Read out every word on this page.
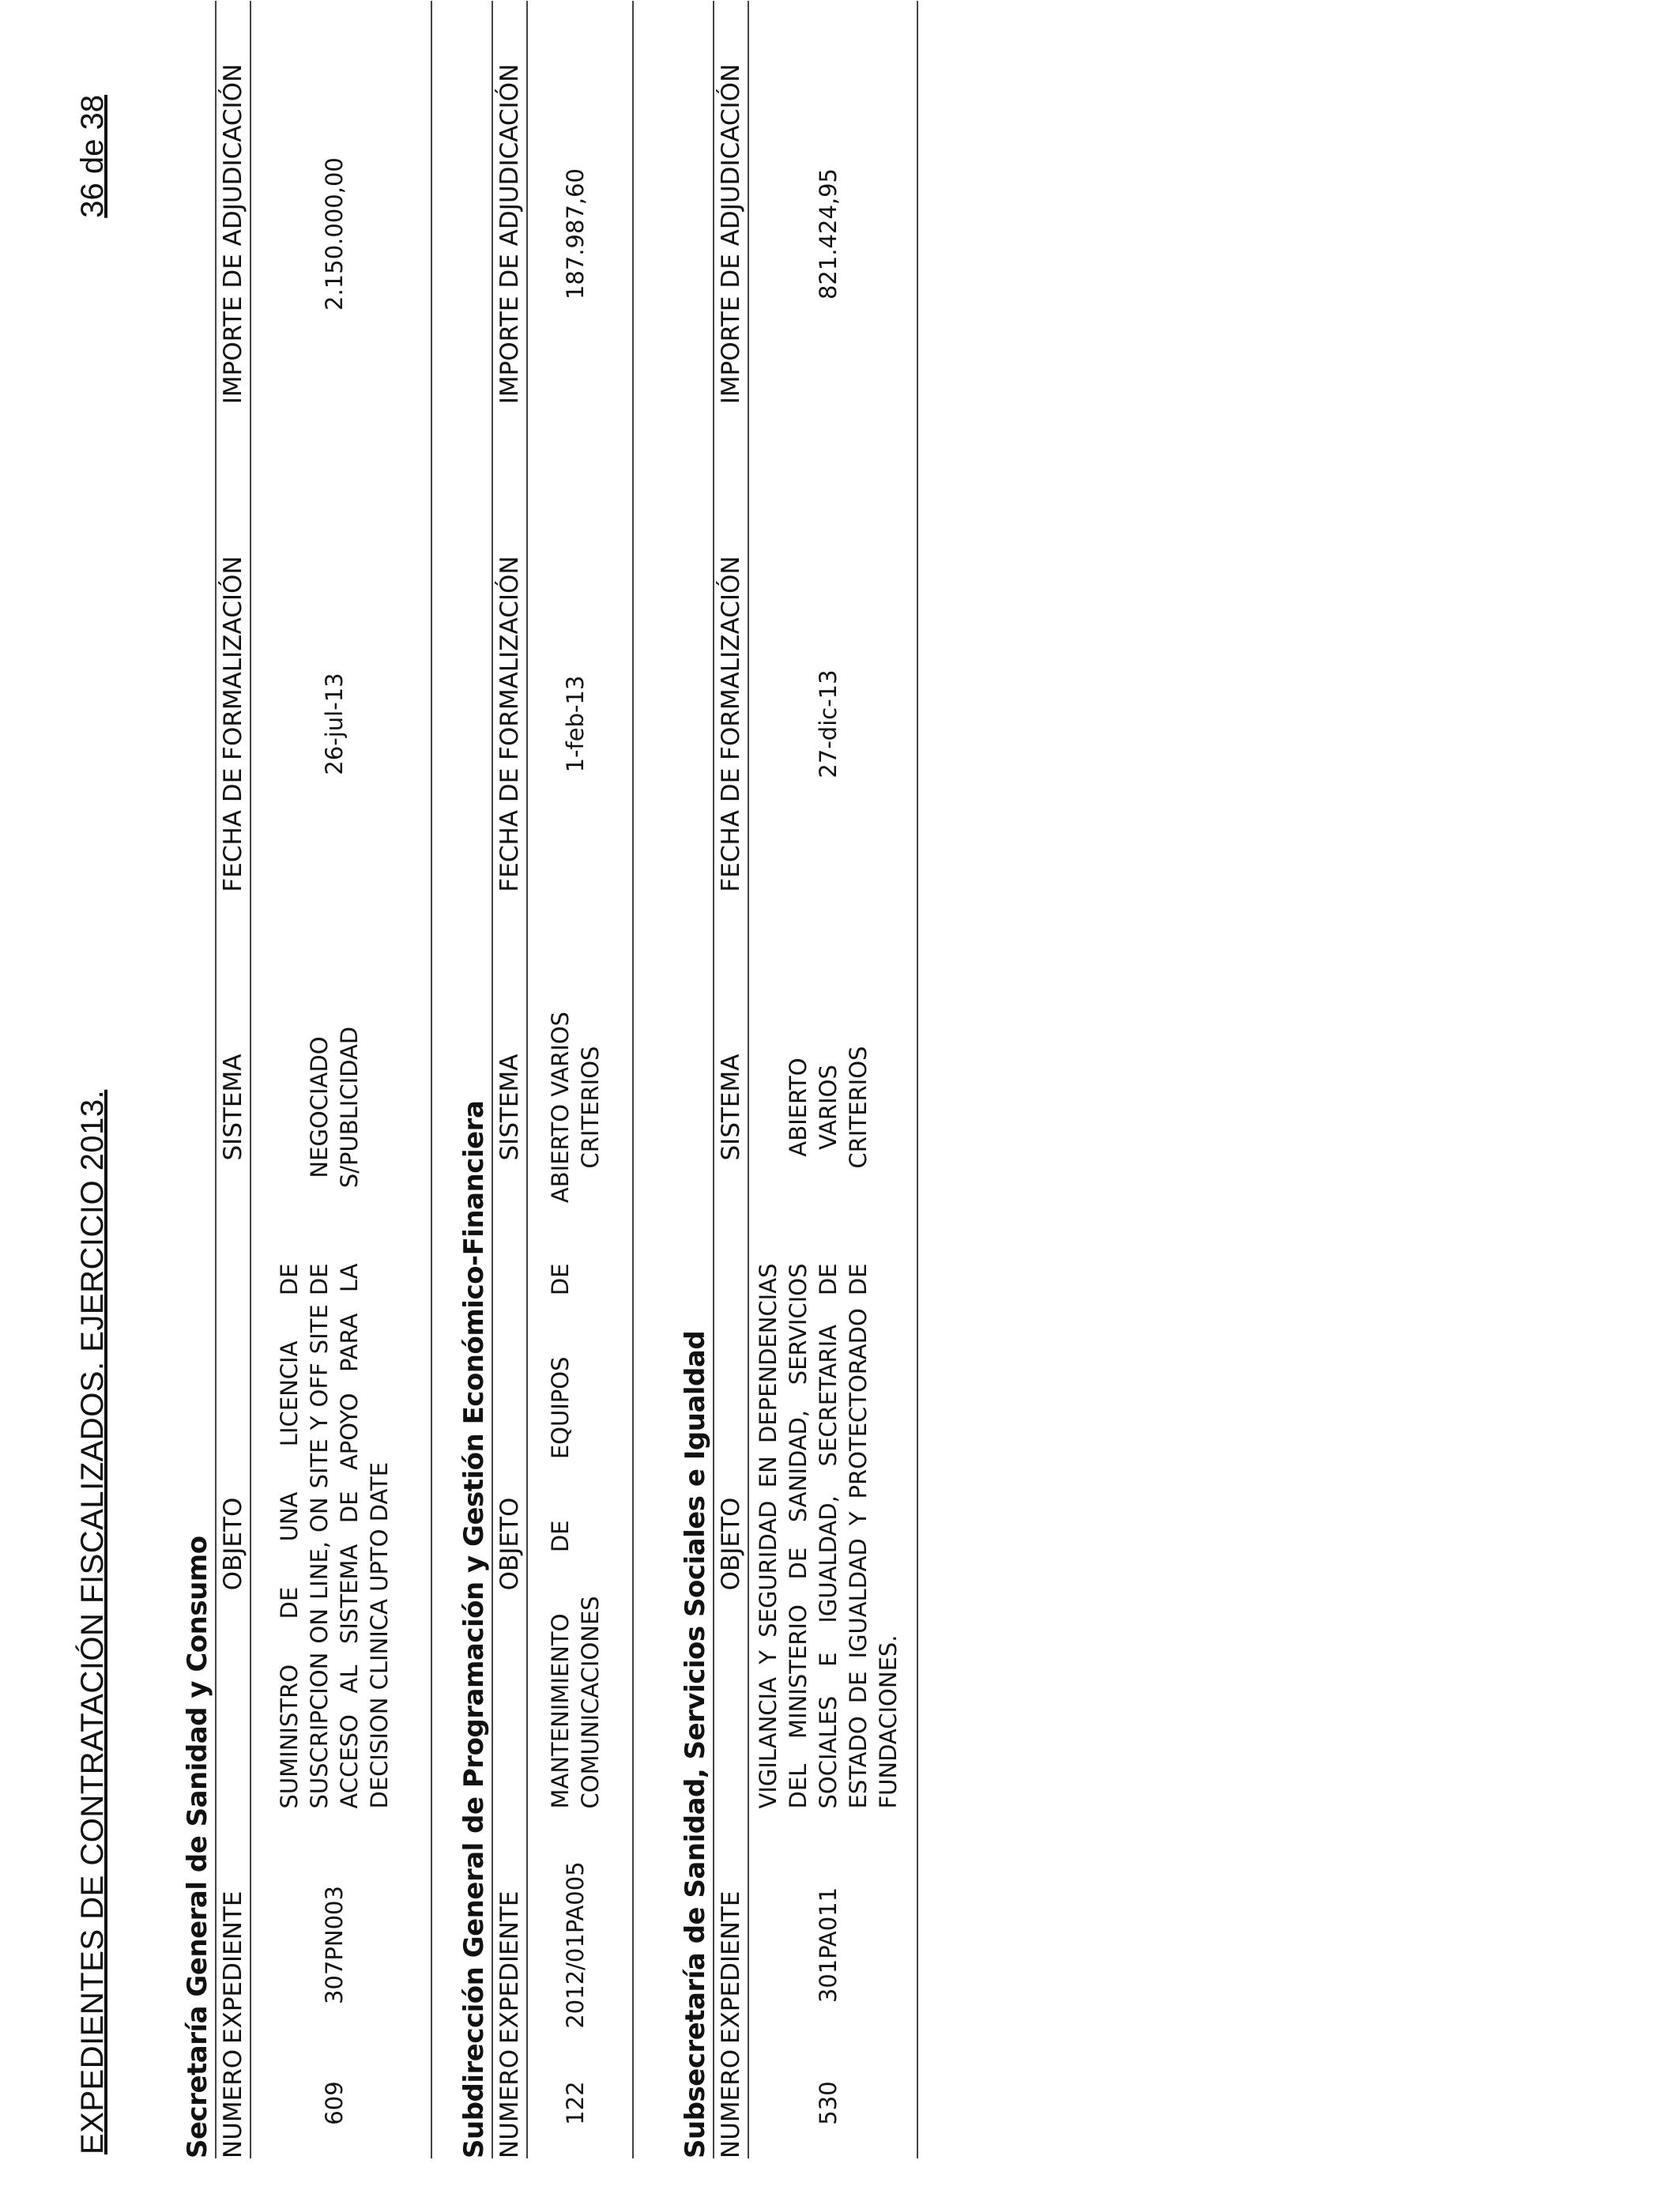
EXPEDIENTES DE CONTRATACIÓN FISCALIZADOS. EJERCICIO 2013.
36 de 38
Secretaría General de Sanidad y Consumo NUMERO
EXPEDIENTE
OBJETO
SISTEMA
FECHA DE FORMALIZACIÓN
IMPORTE DE ADJUDICACIÓN
609
307PN003
SUMINISTRO DE UNA LICENCIA DE SUSCRIPCION ON LINE, ON SITE Y OFF SITE DE ACCESO AL SISTEMA DE APOYO PARA LA DECISION CLINICA UPTO DATE
NEGOCIADO S/PUBLICIDAD
26-jul-13
2.150.000,00
Subdirección General de Programación y Gestión Económico-Financiera NUMERO
EXPEDIENTE
OBJETO
SISTEMA
FECHA DE FORMALIZACIÓN
IMPORTE DE ADJUDICACIÓN
122
2012/01PA005
MANTENIMIENTO DE EQUIPOS DE COMUNICACIONES
ABIERTO VARIOS CRITERIOS
1-feb-13
187.987,60
Subsecretaría de Sanidad, Servicios Sociales e Igualdad NUMERO
EXPEDIENTE
OBJETO
SISTEMA
FECHA DE FORMALIZACIÓN
IMPORTE DE ADJUDICACIÓN
530
301PA011
VIGILANCIA Y SEGURIDAD EN DEPENDENCIAS DEL MINISTERIO DE SANIDAD, SERVICIOS SOCIALES E IGUALDAD, SECRETARIA DE ESTADO DE IGUALDAD Y PROTECTORADO DE FUNDACIONES.
ABIERTO VARIOS CRITERIOS
27-dic-13
821.424,95
